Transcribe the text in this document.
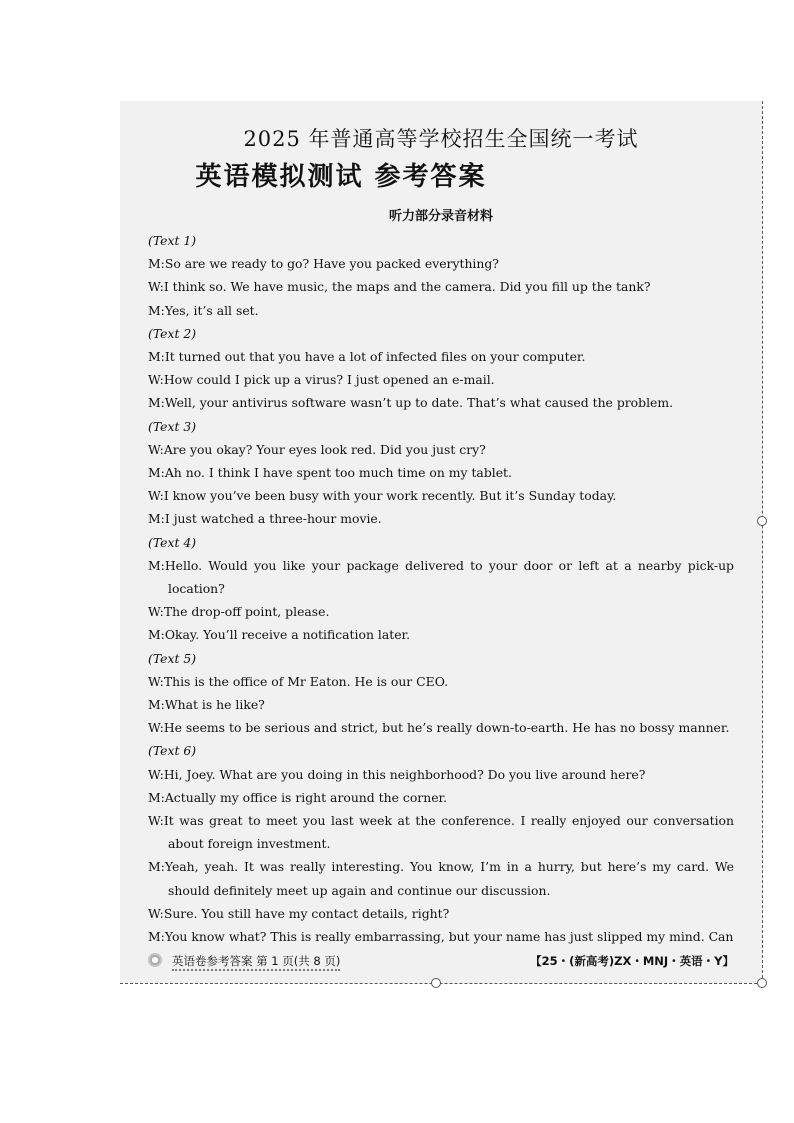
2025 年普通高等学校招生全国统一考试
英语模拟测试 参考答案
听力部分录音材料
(Text 1)
M:So are we ready to go? Have you packed everything?
W:I think so. We have music, the maps and the camera. Did you fill up the tank?
M:Yes, it’s all set.
(Text 2)
M:It turned out that you have a lot of infected files on your computer.
W:How could I pick up a virus? I just opened an e-mail.
M:Well, your antivirus software wasn’t up to date. That’s what caused the problem.
(Text 3)
W:Are you okay? Your eyes look red. Did you just cry?
M:Ah no. I think I have spent too much time on my tablet.
W:I know you’ve been busy with your work recently. But it’s Sunday today.
M:I just watched a three-hour movie.
(Text 4)
M:Hello. Would you like your package delivered to your door or left at a nearby pick-up location?
W:The drop-off point, please.
M:Okay. You’ll receive a notification later.
(Text 5)
W:This is the office of Mr Eaton. He is our CEO.
M:What is he like?
W:He seems to be serious and strict, but he’s really down-to-earth. He has no bossy manner.
(Text 6)
W:Hi, Joey. What are you doing in this neighborhood? Do you live around here?
M:Actually my office is right around the corner.
W:It was great to meet you last week at the conference. I really enjoyed our conversation about foreign investment.
M:Yeah, yeah. It was really interesting. You know, I’m in a hurry, but here’s my card. We should definitely meet up again and continue our discussion.
W:Sure. You still have my contact details, right?
M:You know what? This is really embarrassing, but your name has just slipped my mind. Can
英语卷参考答案 第 1 页(共 8 页)	【25・(新高考)ZX・MNJ・英语・Y】
